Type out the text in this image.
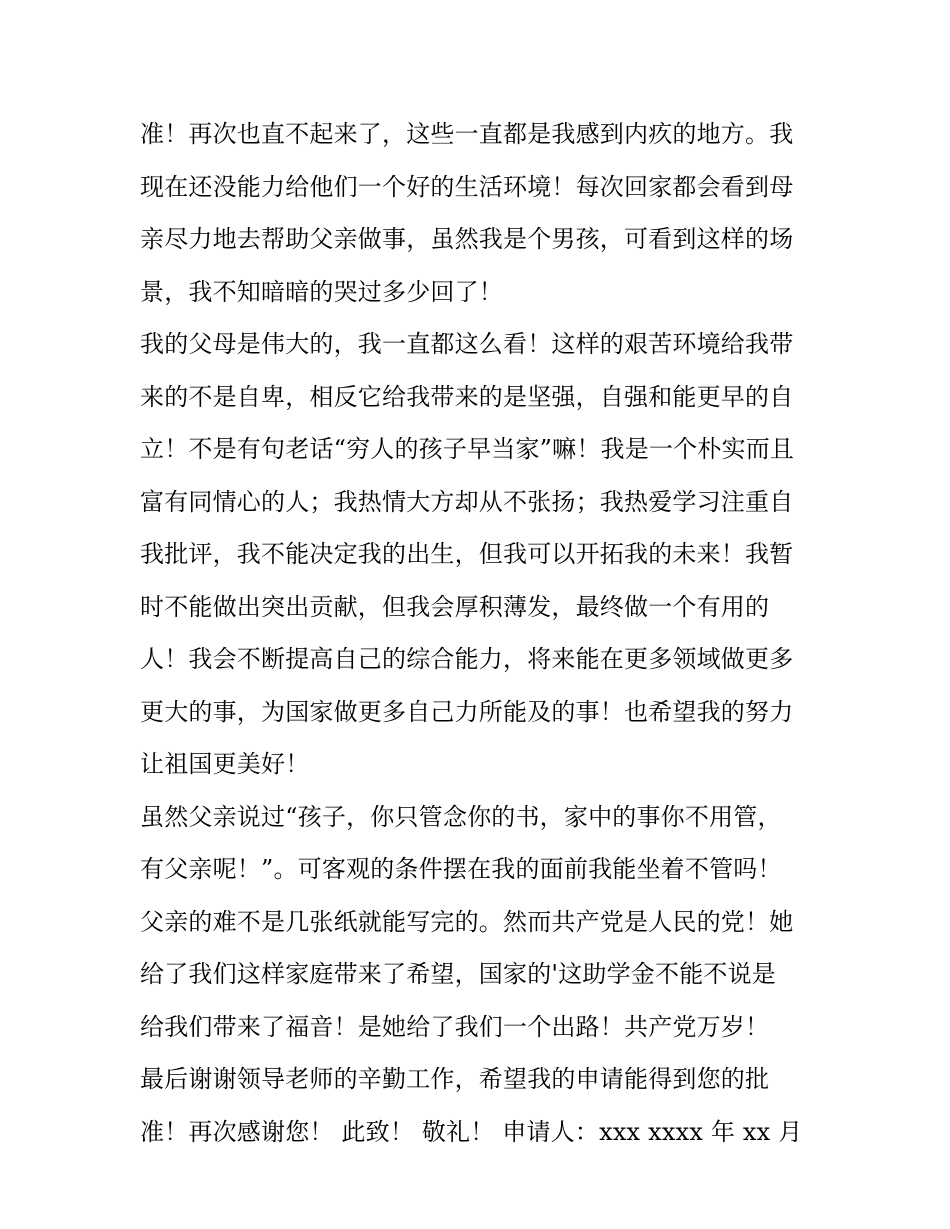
准！再次也直不起来了，这些一直都是我感到内疚的地方。我
现在还没能力给他们一个好的生活环境！每次回家都会看到母
亲尽力地去帮助父亲做事，虽然我是个男孩，可看到这样的场
景，我不知暗暗的哭过多少回了！
我的父母是伟大的，我一直都这么看！这样的艰苦环境给我带
来的不是自卑，相反它给我带来的是坚强，自强和能更早的自
立！不是有句老话“穷人的孩子早当家”嘛！我是一个朴实而且
富有同情心的人；我热情大方却从不张扬；我热爱学习注重自
我批评，我不能决定我的出生，但我可以开拓我的未来！我暂
时不能做出突出贡献，但我会厚积薄发，最终做一个有用的
人！我会不断提高自己的综合能力，将来能在更多领域做更多
更大的事，为国家做更多自己力所能及的事！也希望我的努力
让祖国更美好！
虽然父亲说过“孩子，你只管念你的书，家中的事你不用管，
有父亲呢！”。可客观的条件摆在我的面前我能坐着不管吗！
父亲的难不是几张纸就能写完的。然而共产党是人民的党！她
给了我们这样家庭带来了希望，国家的'这助学金不能不说是
给我们带来了福音！是她给了我们一个出路！共产党万岁！
最后谢谢领导老师的辛勤工作，希望我的申请能得到您的批
准！再次感谢您！ 此致！ 敬礼！ 申请人：xxx xxxx 年 xx 月
